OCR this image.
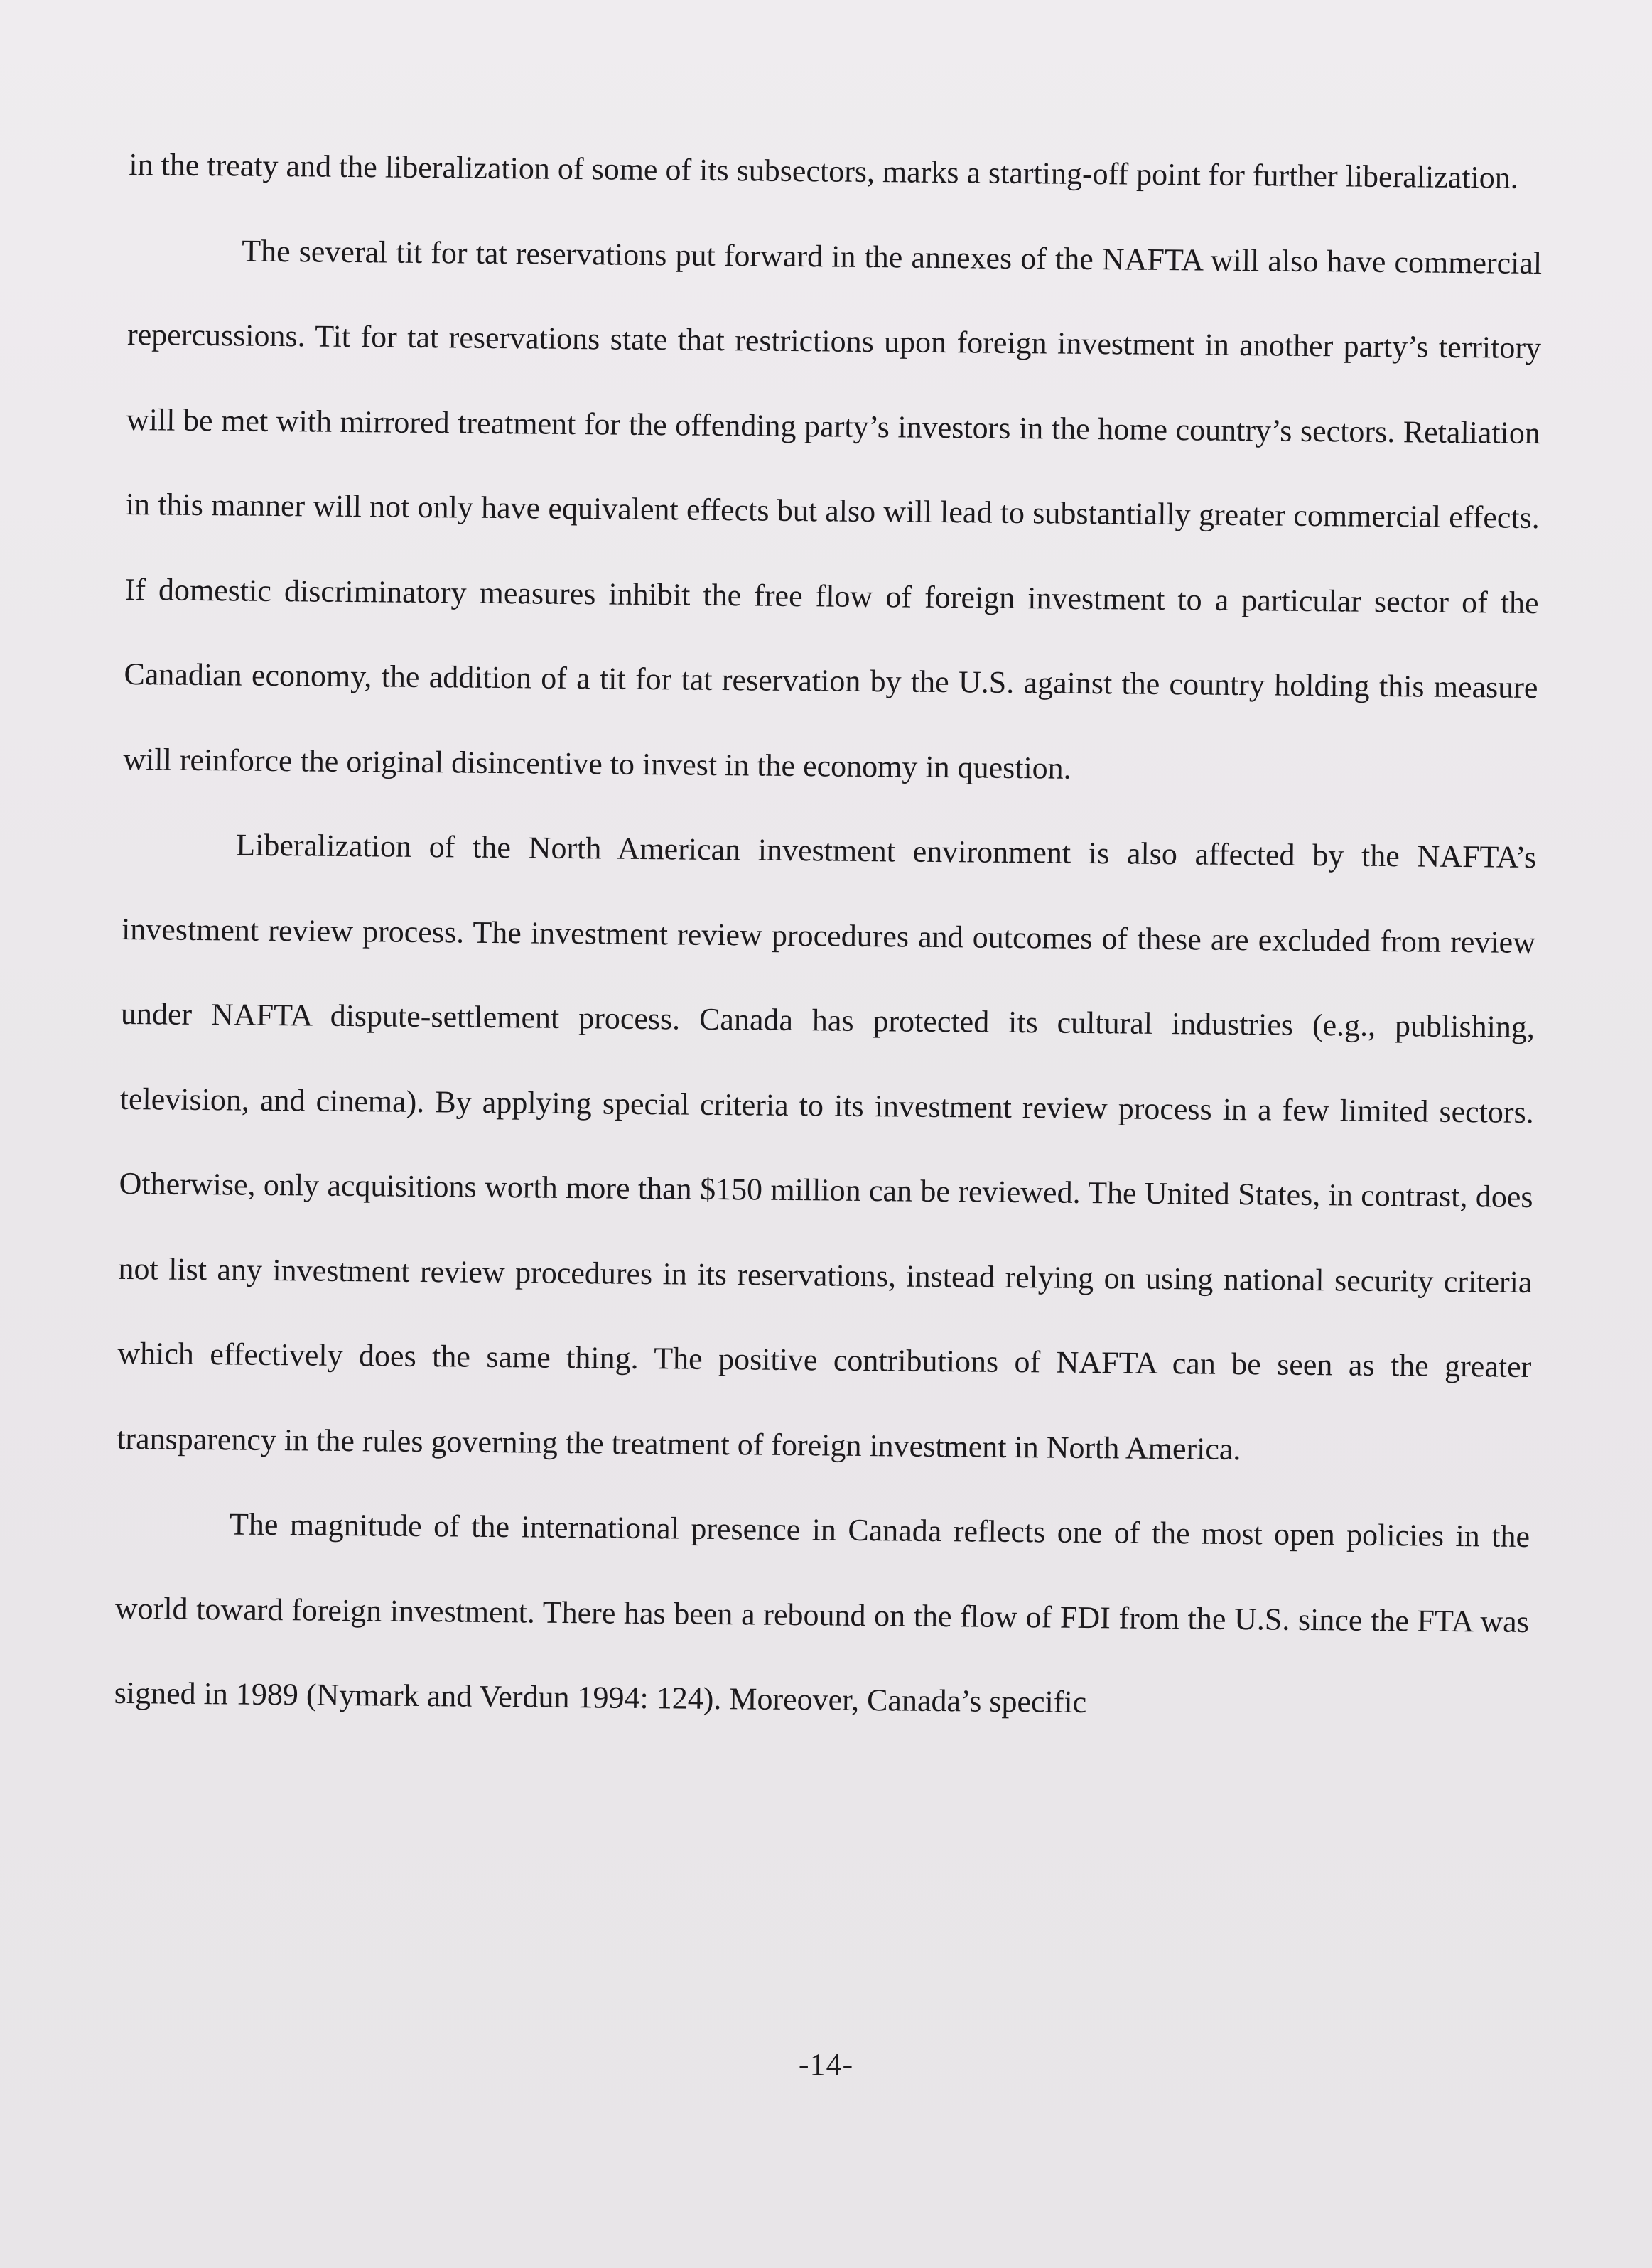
in the treaty and the liberalization of some of its subsectors, marks a starting-off point for further liberalization.

The several tit for tat reservations put forward in the annexes of the NAFTA will also have commercial repercussions. Tit for tat reservations state that restrictions upon foreign investment in another party’s territory will be met with mirrored treatment for the offending party’s investors in the home country’s sectors. Retaliation in this manner will not only have equivalent effects but also will lead to substantially greater commercial effects. If domestic discriminatory measures inhibit the free flow of foreign investment to a particular sector of the Canadian economy, the addition of a tit for tat reservation by the U.S. against the country holding this measure will reinforce the original disincentive to invest in the economy in question.

Liberalization of the North American investment environment is also affected by the NAFTA’s investment review process. The investment review procedures and outcomes of these are excluded from review under NAFTA dispute-settlement process. Canada has protected its cultural industries (e.g., publishing, television, and cinema). By applying special criteria to its investment review process in a few limited sectors. Otherwise, only acquisitions worth more than $150 million can be reviewed. The United States, in contrast, does not list any investment review procedures in its reservations, instead relying on using national security criteria which effectively does the same thing. The positive contributions of NAFTA can be seen as the greater transparency in the rules governing the treatment of foreign investment in North America.

The magnitude of the international presence in Canada reflects one of the most open policies in the world toward foreign investment. There has been a rebound on the flow of FDI from the U.S. since the FTA was signed in 1989 (Nymark and Verdun 1994: 124). Moreover, Canada’s specific

-14-
